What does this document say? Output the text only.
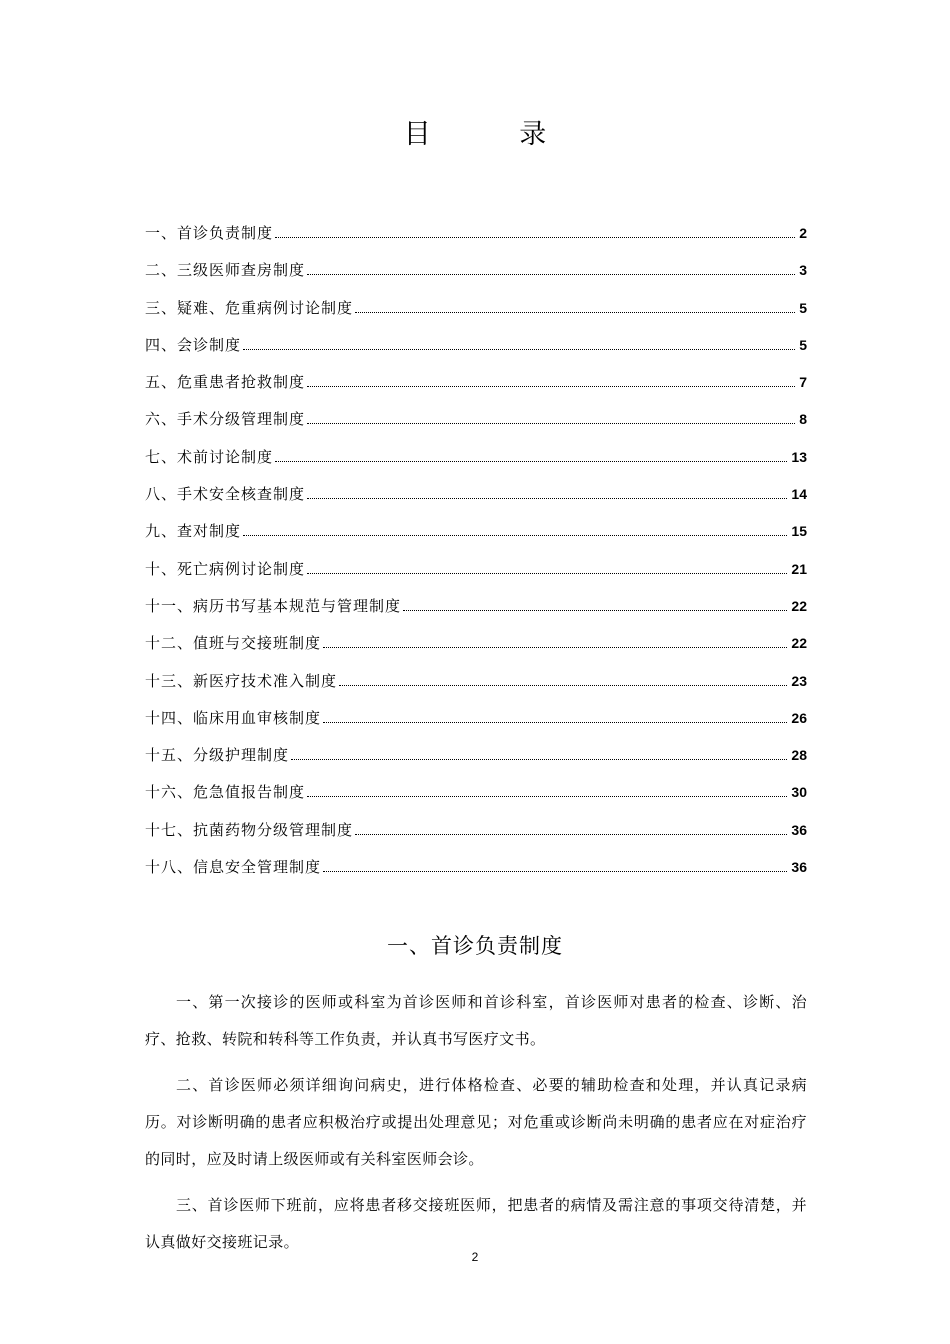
目 录
一、首诊负责制度	2
二、三级医师查房制度	3
三、疑难、危重病例讨论制度	5
四、会诊制度	5
五、危重患者抢救制度	7
六、手术分级管理制度	8
七、术前讨论制度	13
八、手术安全核查制度	14
九、查对制度	15
十、死亡病例讨论制度	21
十一、病历书写基本规范与管理制度	22
十二、值班与交接班制度	22
十三、新医疗技术准入制度	23
十四、临床用血审核制度	26
十五、分级护理制度	28
十六、危急值报告制度	30
十七、抗菌药物分级管理制度	36
十八、信息安全管理制度	36
一、首诊负责制度

一、第一次接诊的医师或科室为首诊医师和首诊科室，首诊医师对患者的检查、诊断、治疗、抢救、转院和转科等工作负责，并认真书写医疗文书。

二、首诊医师必须详细询问病史，进行体格检查、必要的辅助检查和处理，并认真记录病历。对诊断明确的患者应积极治疗或提出处理意见；对危重或诊断尚未明确的患者应在对症治疗的同时，应及时请上级医师或有关科室医师会诊。

三、首诊医师下班前，应将患者移交接班医师，把患者的病情及需注意的事项交待清楚，并认真做好交接班记录。

2
